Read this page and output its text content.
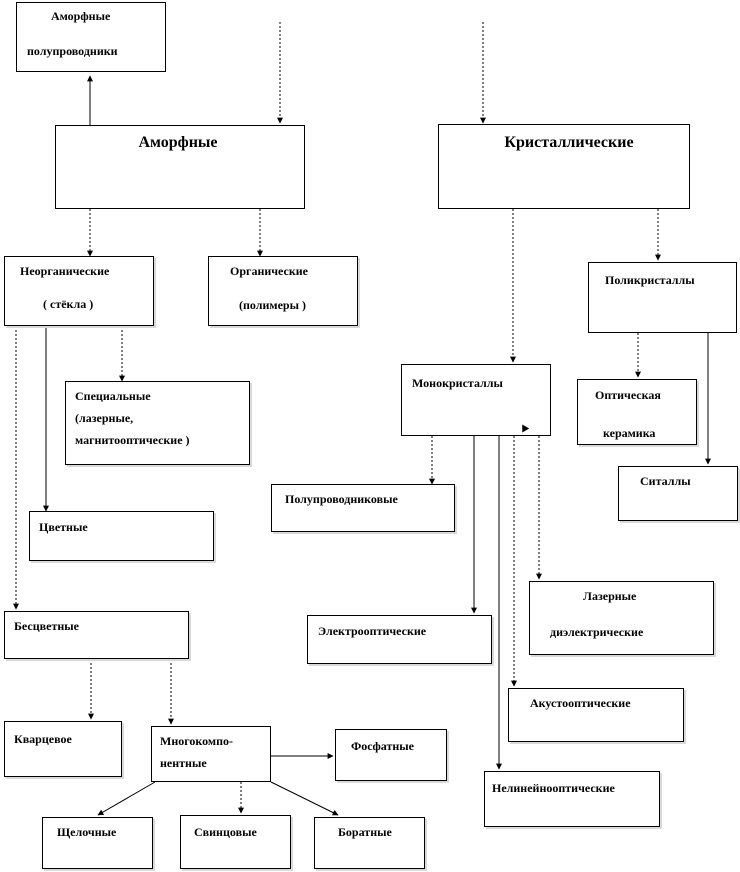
Аморфные
полупроводники
Аморфные	Кристаллические
Неорганические
( стёкла )
Органические
(полимеры )
Поликристаллы
Специальные
(лазерные,
магнитооптические )
Монокристаллы
Оптическая
керамика
Ситаллы
Полупроводниковые
Цветные
Лазерные
диэлектрические
Бесцветные	Электрооптические
Акустооптические
Кварцевое	Многокомпо-
нентные
Фосфатные
Нелинейнооптические
Щелочные	Свинцовые	Боратные
